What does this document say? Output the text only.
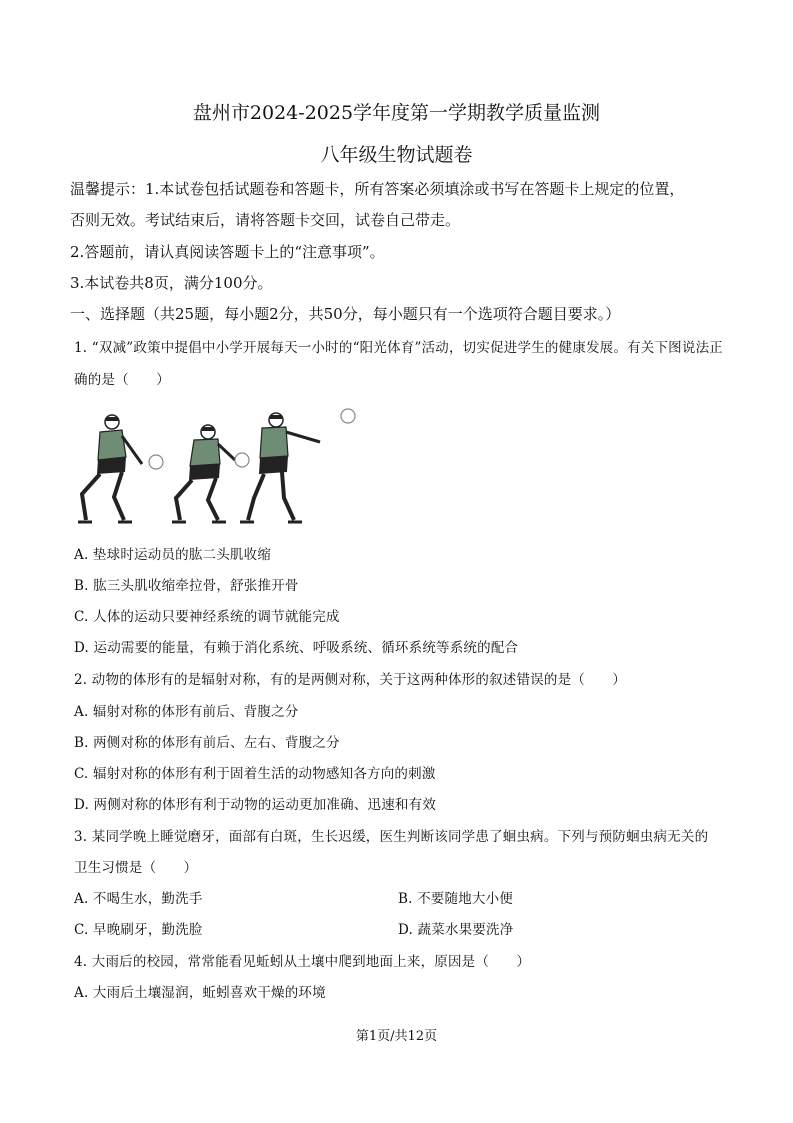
盘州市2024-2025学年度第一学期教学质量监测
八年级生物试题卷
温馨提示：1.本试卷包括试题卷和答题卡，所有答案必须填涂或书写在答题卡上规定的位置，
否则无效。考试结束后，请将答题卡交回，试卷自己带走。
2.答题前，请认真阅读答题卡上的“注意事项”。
3.本试卷共8页，满分100分。
一、选择题（共25题，每小题2分，共50分，每小题只有一个选项符合题目要求。）
1. “双减”政策中提倡中小学开展每天一小时的“阳光体育”活动，切实促进学生的健康发展。有关下图说法正
确的是（　　）
A. 垫球时运动员的肱二头肌收缩
B. 肱三头肌收缩牵拉骨，舒张推开骨
C. 人体的运动只要神经系统的调节就能完成
D. 运动需要的能量，有赖于消化系统、呼吸系统、循环系统等系统的配合
2. 动物的体形有的是辐射对称，有的是两侧对称，关于这两种体形的叙述错误的是（　　）
A. 辐射对称的体形有前后、背腹之分
B. 两侧对称的体形有前后、左右、背腹之分
C. 辐射对称的体形有利于固着生活的动物感知各方向的刺激
D. 两侧对称的体形有利于动物的运动更加准确、迅速和有效
3. 某同学晚上睡觉磨牙，面部有白斑，生长迟缓，医生判断该同学患了蛔虫病。下列与预防蛔虫病无关的
卫生习惯是（　　）
A. 不喝生水，勤洗手	B. 不要随地大小便
C. 早晚刷牙，勤洗脸	D. 蔬菜水果要洗净
4. 大雨后的校园，常常能看见蚯蚓从土壤中爬到地面上来，原因是（　　）
A. 大雨后土壤湿润，蚯蚓喜欢干燥的环境
第1页/共12页
